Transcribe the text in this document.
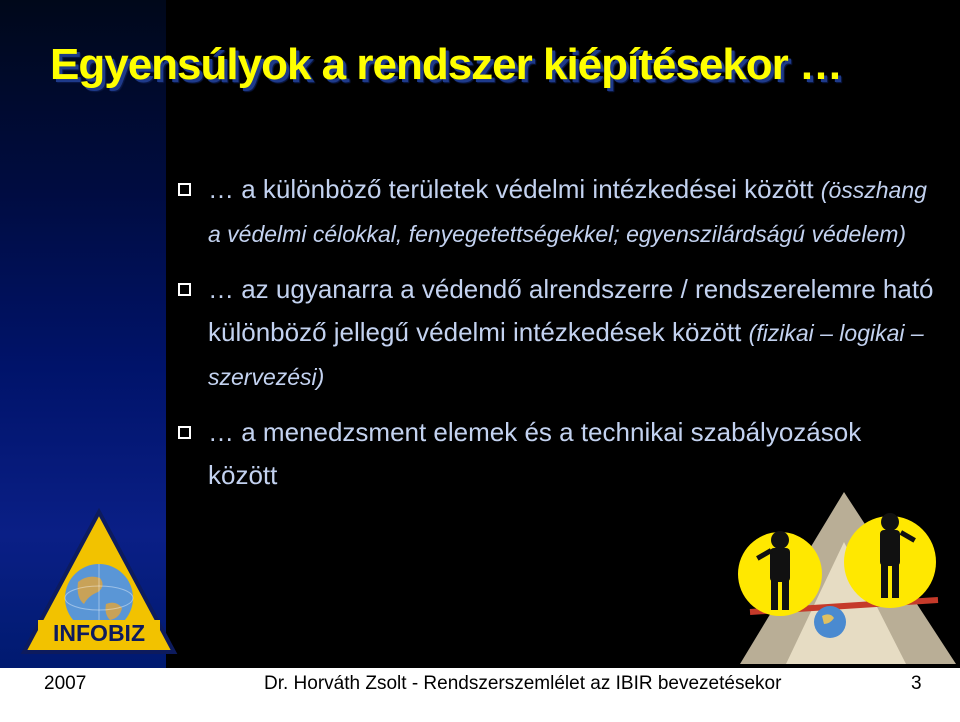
Egyensúlyok a rendszer kiépítésekor …
… a különböző területek védelmi intézkedései között (összhang a védelmi célokkal, fenyegetettségekkel; egyenszilárdságú védelem)
… az ugyanarra a védendő alrendszerre / rendszerelemre ható különböző jellegű védelmi intézkedések között (fizikai – logikai – szervezési)
… a menedzsment elemek és a technikai szabályozások között
INFOBIZ
2007	Dr. Horváth Zsolt - Rendszerszemlélet az IBIR bevezetésekor	3
